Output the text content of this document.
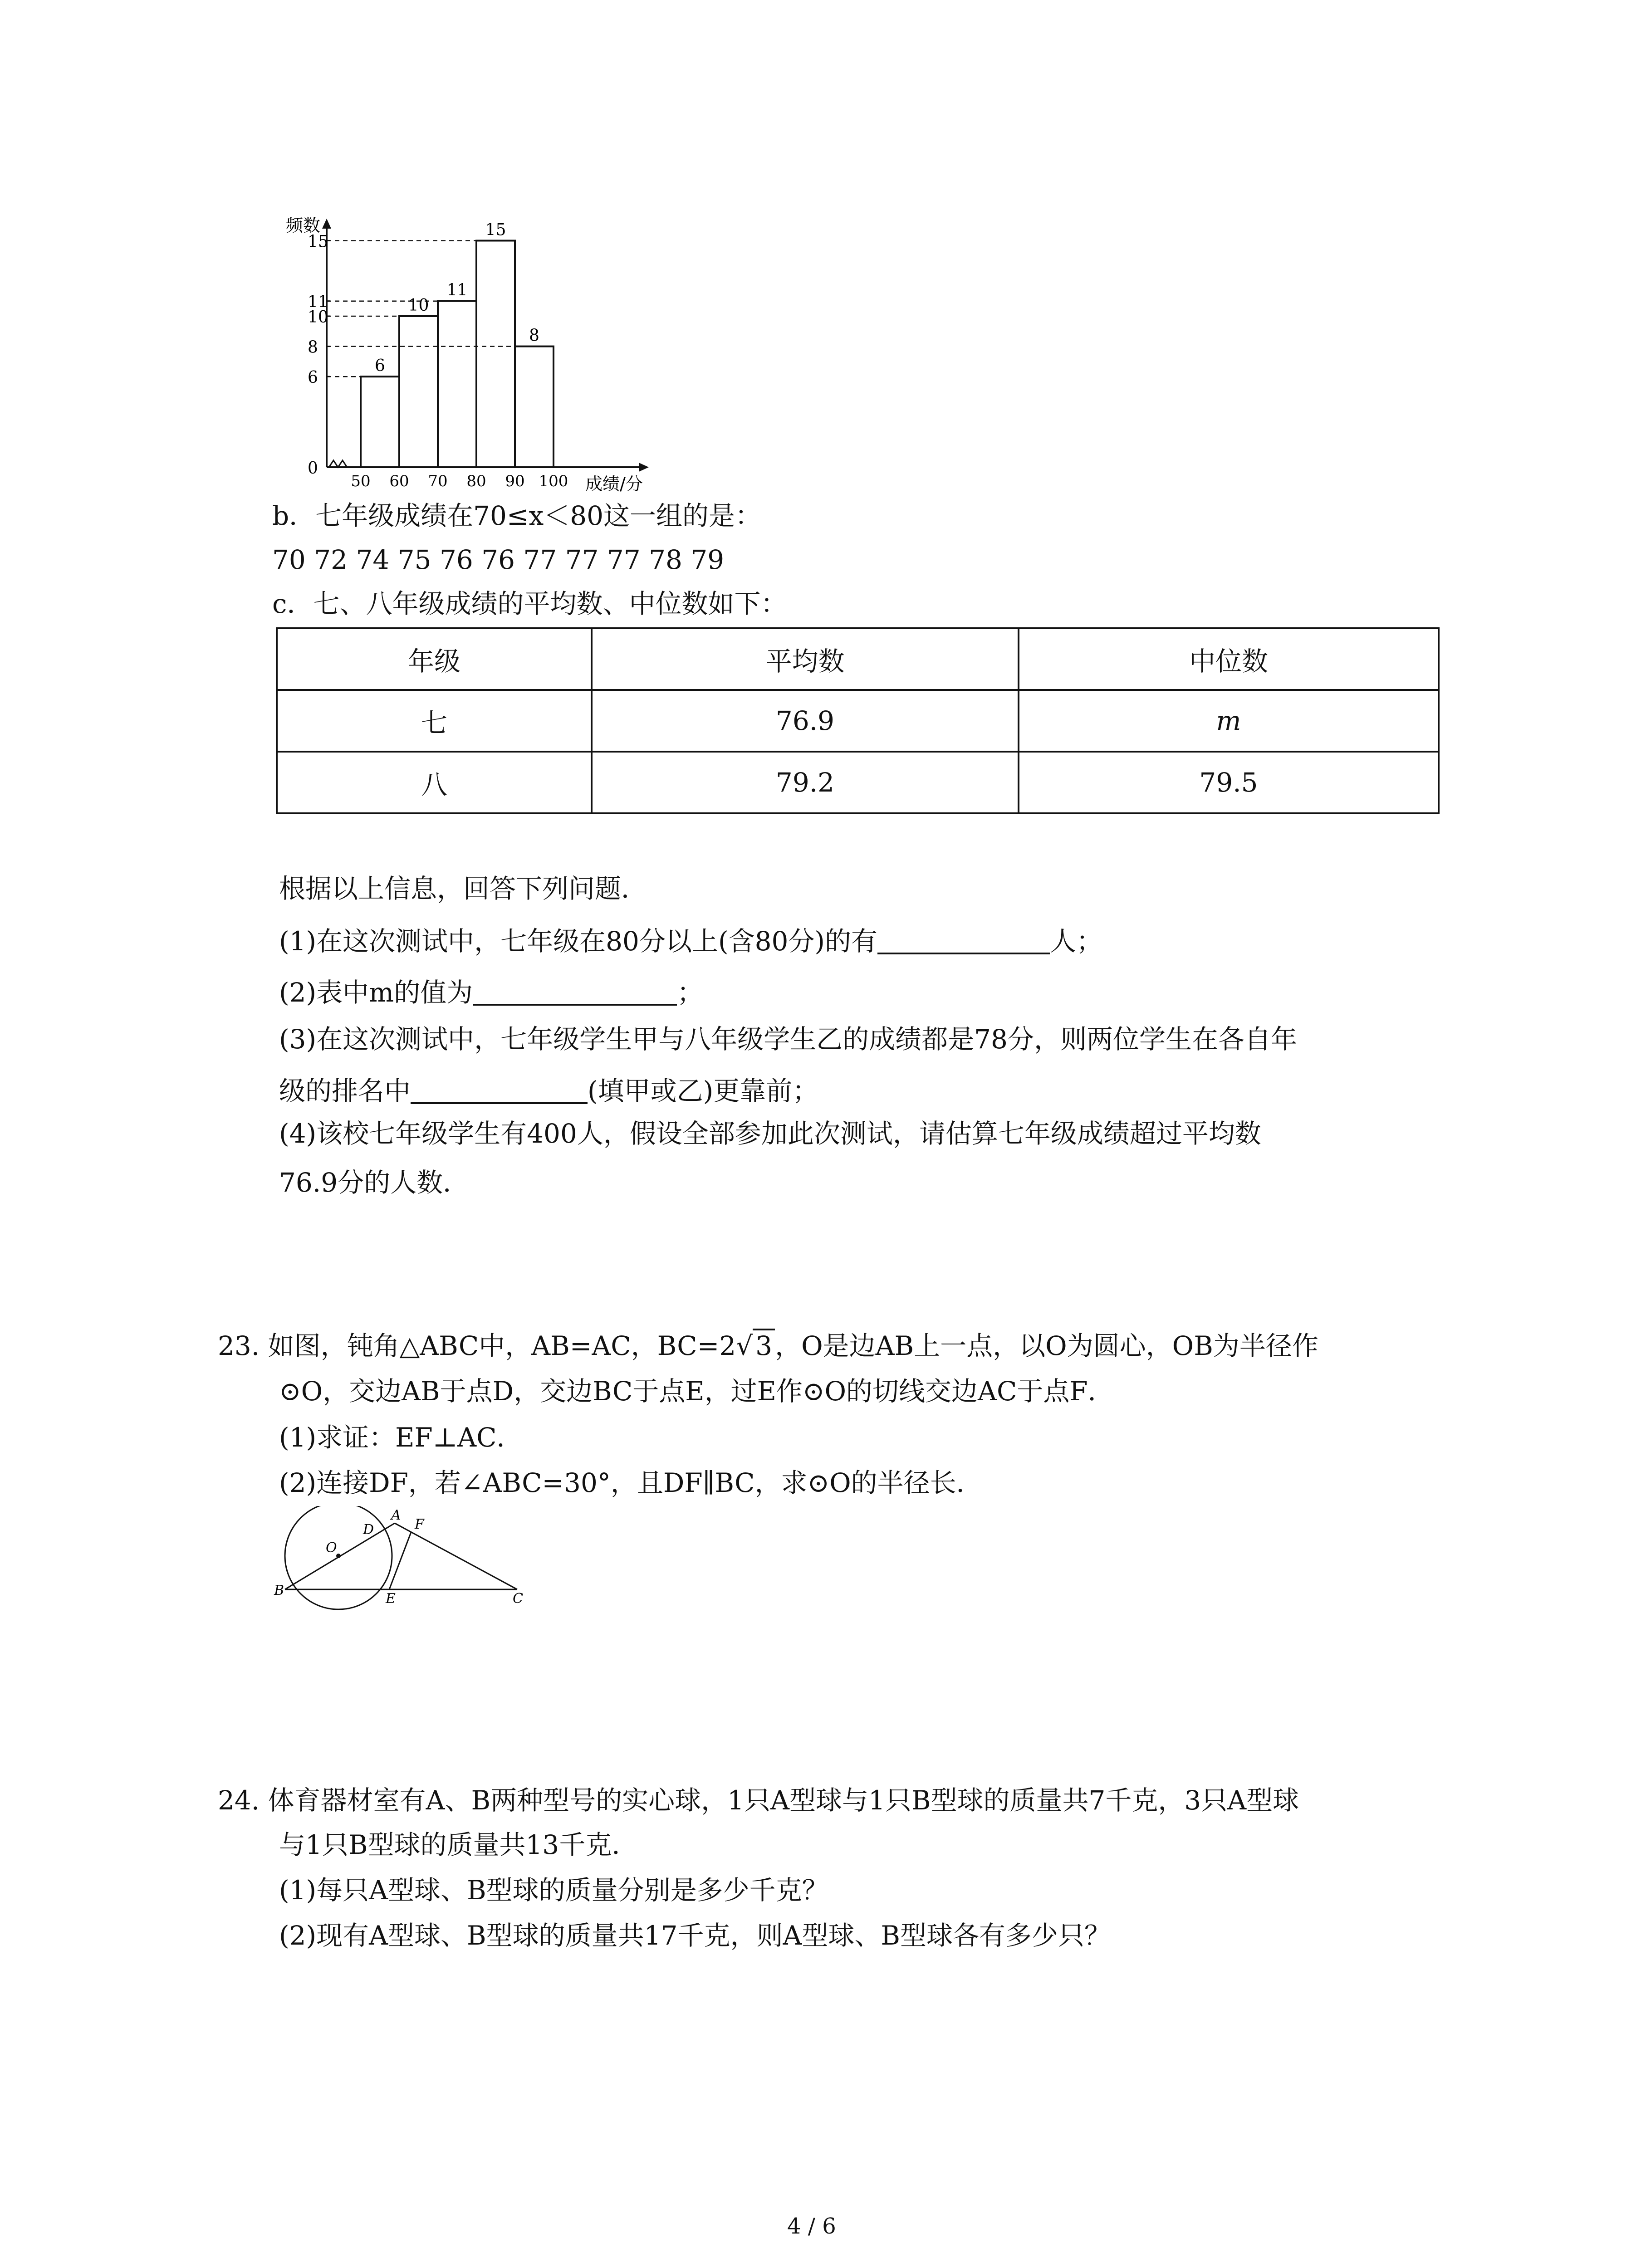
0
6
8
10
11
15
6
10
11
15
8
50 60 70 80 90 100
频数
成绩/分
b．七年级成绩在70≤x＜80这一组的是：
70 72 74 75 76 76 77 77 77 78 79
c．七、八年级成绩的平均数、中位数如下：
年级	平均数	中位数
七	76.9	m
八	79.2	79.5
根据以上信息，回答下列问题．
(1)在这次测试中，七年级在80分以上(含80分)的有	人；
(2)表中m的值为	；
(3)在这次测试中，七年级学生甲与八年级学生乙的成绩都是78分，则两位学生在各自年
级的排名中	(填甲或乙)更靠前；
(4)该校七年级学生有400人，假设全部参加此次测试，请估算七年级成绩超过平均数
76.9分的人数．
23. 如图，钝角△ABC中，AB=AC，BC=2√ 3 ，O是边AB上一点，以O为圆心，OB为半径作
⊙O，交边AB于点D，交边BC于点E，过E作⊙O的切线交边AC于点F．
(1)求证：EF⊥AC．
(2)连接DF，若∠ABC=30°，且DF∥BC，求⊙O的半径长．
A
F
D
O
B
E	C
24. 体育器材室有A、B两种型号的实心球，1只A型球与1只B型球的质量共7千克，3只A型球
与1只B型球的质量共13千克．
(1)每只A型球、B型球的质量分别是多少千克？
(2)现有A型球、B型球的质量共17千克，则A型球、B型球各有多少只？
4 / 6
